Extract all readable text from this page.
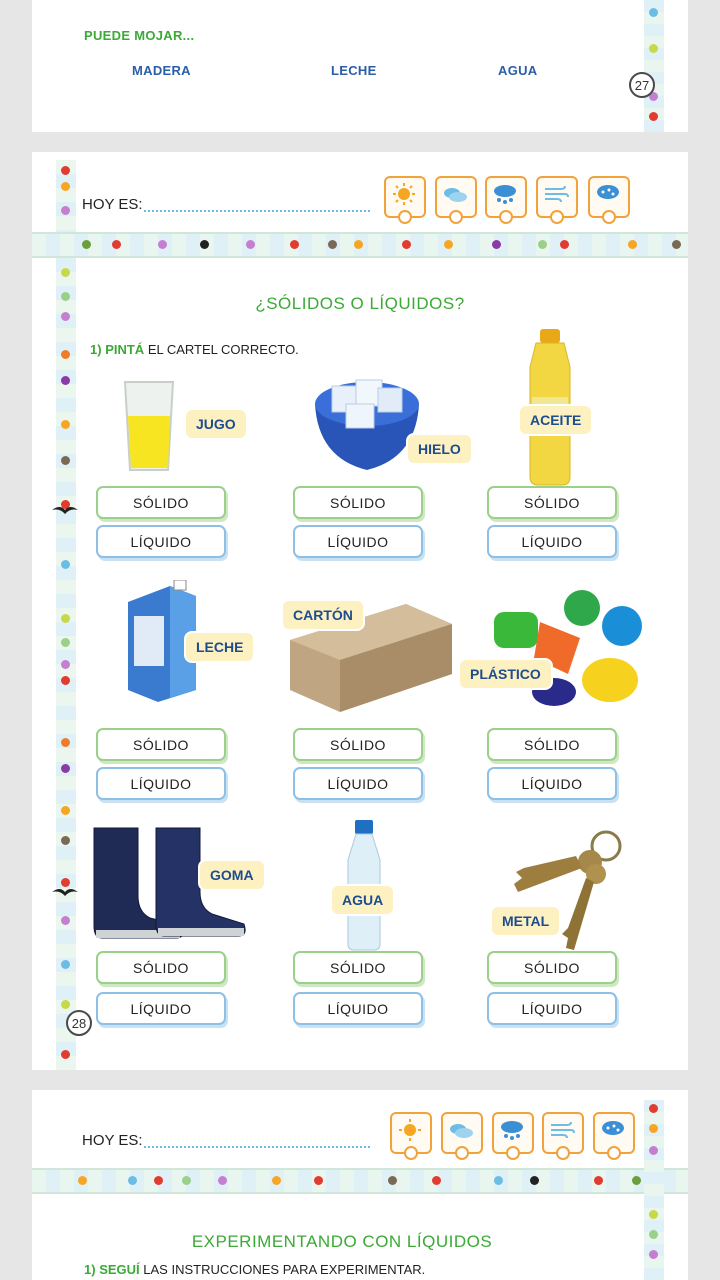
PUEDE MOJAR...
MADERA	LECHE	AGUA
27
HOY ES:
¿SÓLIDOS O LÍQUIDOS?
1) PINTÁ EL CARTEL CORRECTO.
JUGO
HIELO
ACEITE
SÓLIDO
LÍQUIDO
SÓLIDO
LÍQUIDO
SÓLIDO
LÍQUIDO
LECHE
CARTÓN
PLÁSTICO
SÓLIDO
LÍQUIDO
SÓLIDO
LÍQUIDO
SÓLIDO
LÍQUIDO
GOMA
AGUA
METAL
SÓLIDO
LÍQUIDO
SÓLIDO
LÍQUIDO
SÓLIDO
LÍQUIDO
28
HOY ES:
EXPERIMENTANDO CON LÍQUIDOS
1) SEGUÍ LAS INSTRUCCIONES PARA EXPERIMENTAR.
